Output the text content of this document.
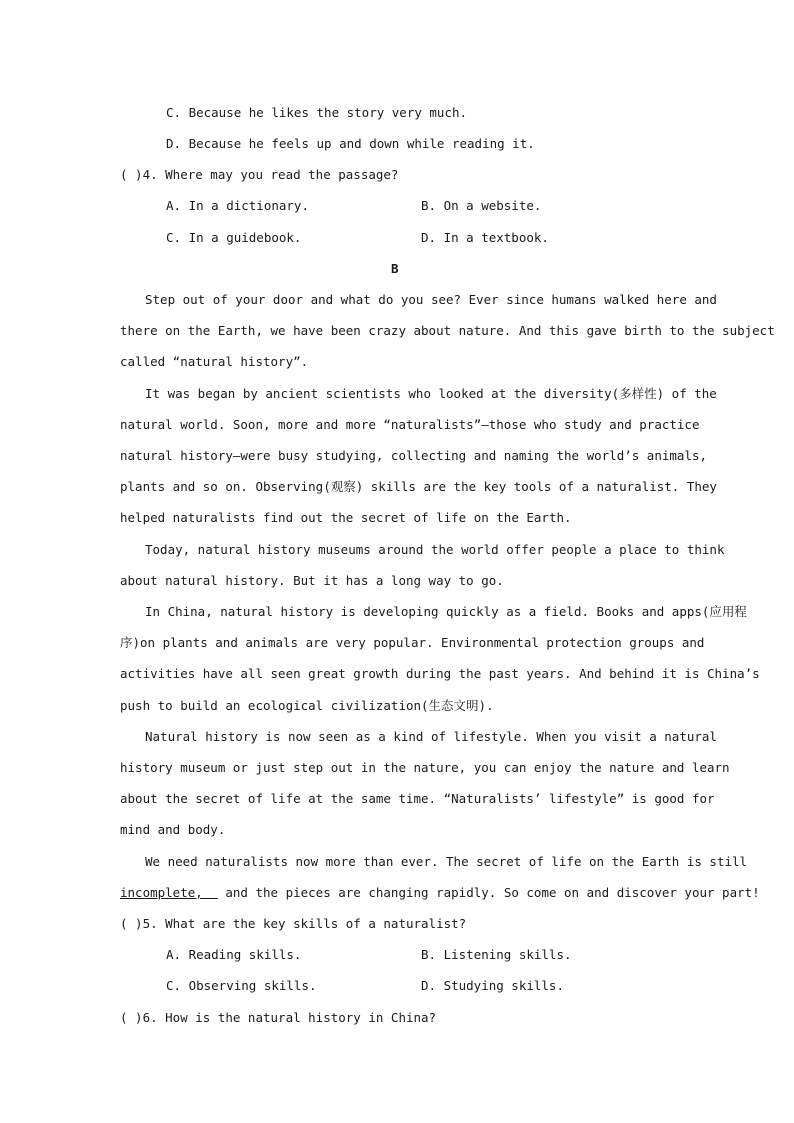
C. Because he likes the story very much.
D. Because he feels up and down while reading it.
( )4. Where may you read the passage?
A. In a dictionary.	B. On a website.
C. In a guidebook.	D. In a textbook.
B
Step out of your door and what do you see? Ever since humans walked here and
there on the Earth, we have been crazy about nature. And this gave birth to the subject
called “natural history”.
It was began by ancient scientists who looked at the diversity(多样性) of the
natural world. Soon, more and more “naturalists”—those who study and practice
natural history—were busy studying, collecting and naming the world’s animals,
plants and so on. Observing(观察) skills are the key tools of a naturalist. They
helped naturalists find out the secret of life on the Earth.
Today, natural history museums around the world offer people a place to think
about natural history. But it has a long way to go.
In China, natural history is developing quickly as a field. Books and apps(应用程
序)on plants and animals are very popular. Environmental protection groups and
activities have all seen great growth during the past years. And behind it is China’s
push to build an ecological civilization(生态文明).
Natural history is now seen as a kind of lifestyle. When you visit a natural
history museum or just step out in the nature, you can enjoy the nature and learn
about the secret of life at the same time. “Naturalists’ lifestyle” is good for
mind and body.
We need naturalists now more than ever. The secret of life on the Earth is still
incomplete,   and the pieces are changing rapidly. So come on and discover your part!
( )5. What are the key skills of a naturalist?
A. Reading skills.	B. Listening skills.
C. Observing skills.	D. Studying skills.
( )6. How is the natural history in China?
